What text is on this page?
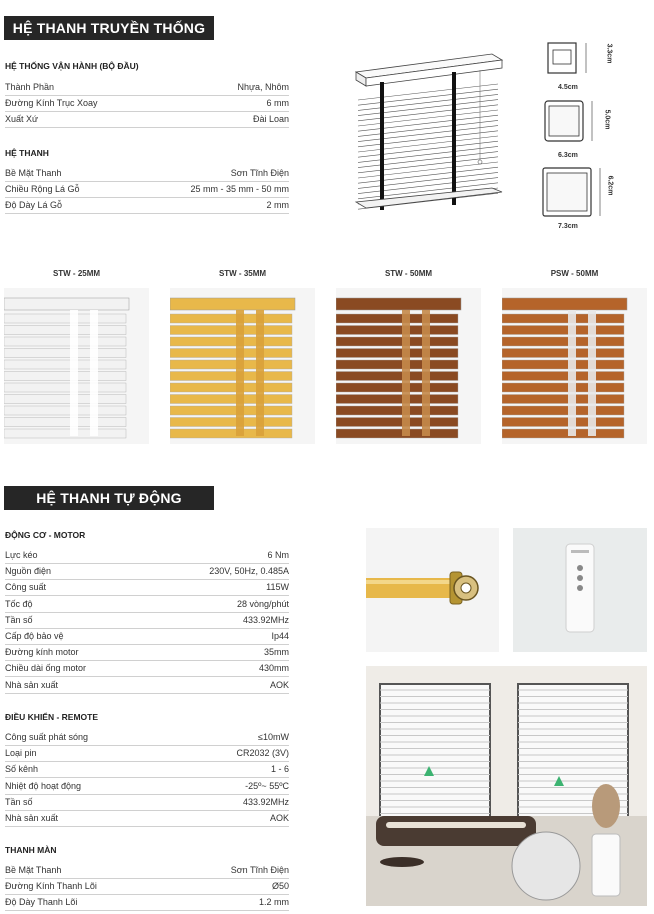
HỆ THANH TRUYỀN THỐNG
HỆ THỐNG VẬN HÀNH (BỘ ĐẦU)
Thành Phần	Nhựa, Nhôm
Đường Kính Trục Xoay	6 mm
Xuất Xứ	Đài Loan
HỆ THANH
Bề Mặt Thanh	Sơn Tĩnh Điện
Chiều Rộng Lá Gỗ	25 mm - 35 mm - 50 mm
Độ Dày Lá Gỗ	2 mm
4.5cm
3.3cm
6.3cm
5.0cm
7.3cm
6.2cm
STW - 25MM	STW - 35MM	STW - 50MM	PSW - 50MM
HỆ THANH TỰ ĐỘNG
ĐỘNG CƠ - MOTOR
Lực kéo	6 Nm
Nguồn điện	230V, 50Hz, 0.485A
Công suất	115W
Tốc độ	28 vòng/phút
Tần số	433.92MHz
Cấp độ bảo vệ	Ip44
Đường kính motor	35mm
Chiều dài ống motor	430mm
Nhà sản xuất	AOK
ĐIỀU KHIỂN - REMOTE
Công suất phát sóng	≤10mW
Loại pin	CR2032 (3V)
Số kênh	1 - 6
Nhiệt độ hoạt động	-25º~ 55ºC
Tần số	433.92MHz
Nhà sản xuất	AOK
THANH MÀN
Bề Mặt Thanh	Sơn Tĩnh Điện
Đường Kính Thanh Lõi	Ø50
Độ Dày Thanh Lõi	1.2 mm
